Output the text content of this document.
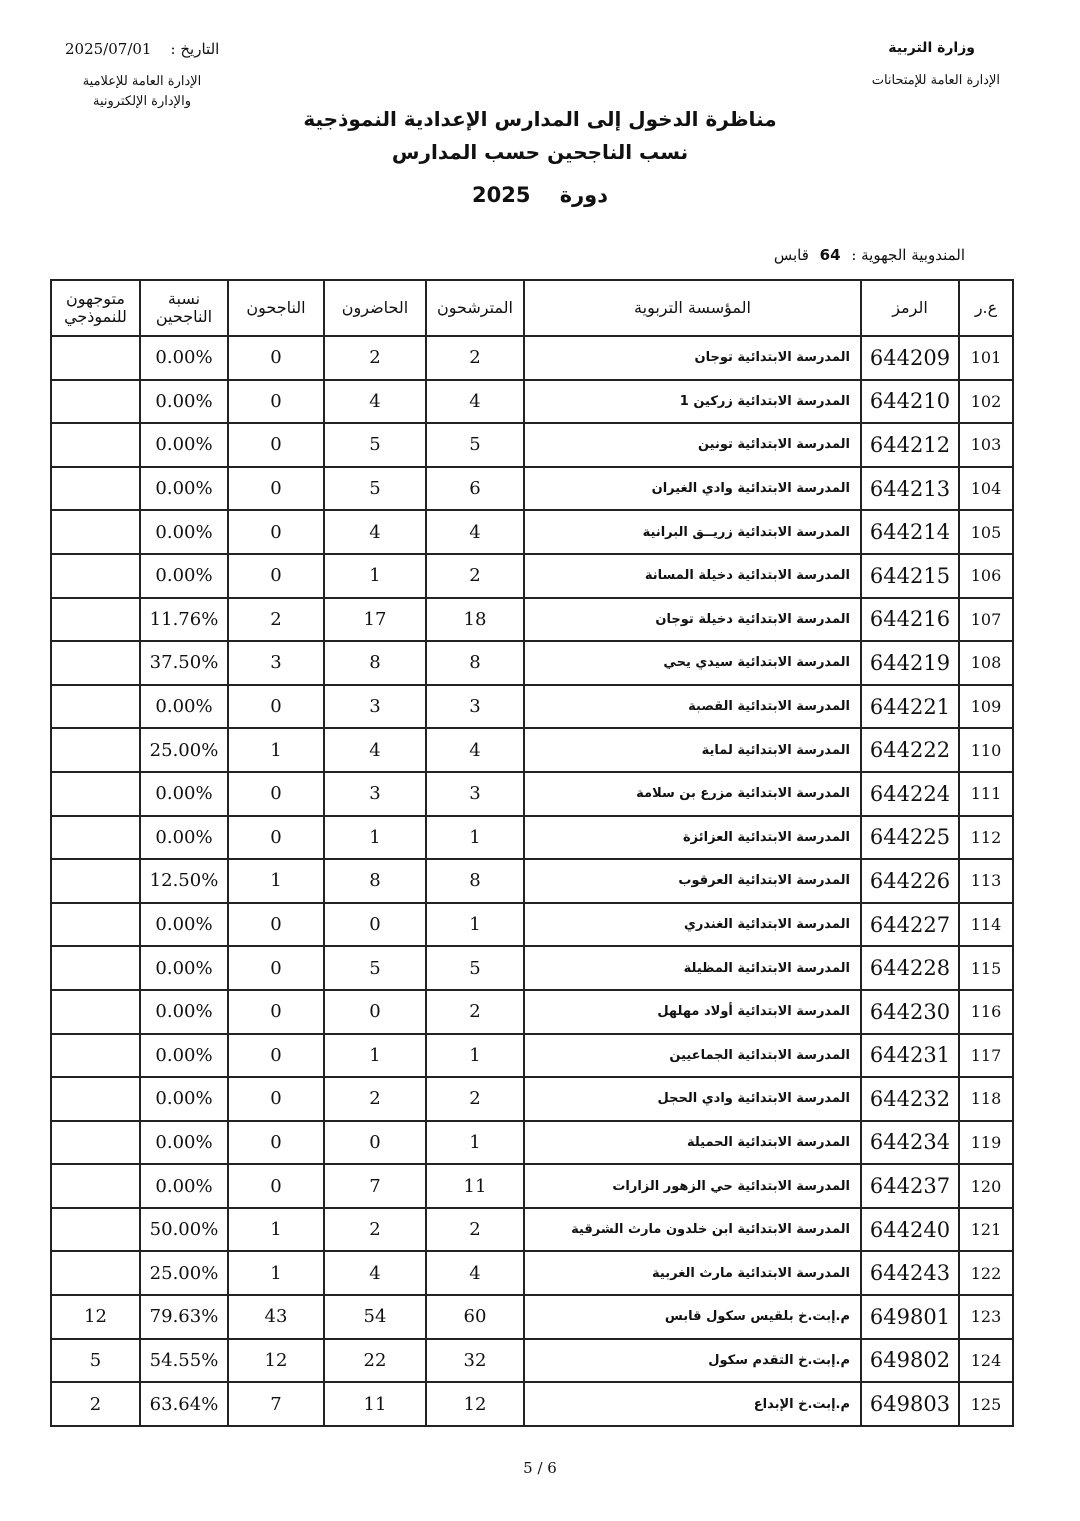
وزارة التربية
الإدارة العامة للإمتحانات
التاريخ :    2025/07/01
الإدارة العامة للإعلامية والإدارة الإلكترونية
مناظرة الدخول إلى المدارس الإعدادية النموذجية
نسب الناجحين حسب المدارس
دورة    2025
المندوبية الجهوية : 64 قابس
ع.ر	الرمز	المؤسسة التربوية	المترشحون	الحاضرون	الناجحون	نسبة الناجحين	متوجهون للنموذجي
101	644209	المدرسة الابتدائية توجان	2	2	0	0.00%	
102	644210	المدرسة الابتدائية زركين 1	4	4	0	0.00%	
103	644212	المدرسة الابتدائية تونين	5	5	0	0.00%	
104	644213	المدرسة الابتدائية وادي الغيران	6	5	0	0.00%	
105	644214	المدرسة الابتدائية زريــق البرانية	4	4	0	0.00%	
106	644215	المدرسة الابتدائية دخيلة المسانة	2	1	0	0.00%	
107	644216	المدرسة الابتدائية دخيلة توجان	18	17	2	11.76%	
108	644219	المدرسة الابتدائية سيدي يحي	8	8	3	37.50%	
109	644221	المدرسة الابتدائية القصبة	3	3	0	0.00%	
110	644222	المدرسة الابتدائية لماية	4	4	1	25.00%	
111	644224	المدرسة الابتدائية مزرع بن سلامة	3	3	0	0.00%	
112	644225	المدرسة الابتدائية العزائزة	1	1	0	0.00%	
113	644226	المدرسة الابتدائية العرقوب	8	8	1	12.50%	
114	644227	المدرسة الابتدائية الغندري	1	0	0	0.00%	
115	644228	المدرسة الابتدائية المظيلة	5	5	0	0.00%	
116	644230	المدرسة الابتدائية أولاد مهلهل	2	0	0	0.00%	
117	644231	المدرسة الابتدائية الجماعيين	1	1	0	0.00%	
118	644232	المدرسة الابتدائية وادي الحجل	2	2	0	0.00%	
119	644234	المدرسة الابتدائية الحميلة	1	0	0	0.00%	
120	644237	المدرسة الابتدائية حي الزهور الزارات	11	7	0	0.00%	
121	644240	المدرسة الابتدائية ابن خلدون مارث الشرقية	2	2	1	50.00%	
122	644243	المدرسة الابتدائية مارث الغربية	4	4	1	25.00%	
123	649801	م.إبت.خ بلقيس سكول قابس	60	54	43	79.63%	12
124	649802	م.إبت.خ التقدم سكول	32	22	12	54.55%	5
125	649803	م.إبت.خ الإبداع	12	11	7	63.64%	2
5 / 6
